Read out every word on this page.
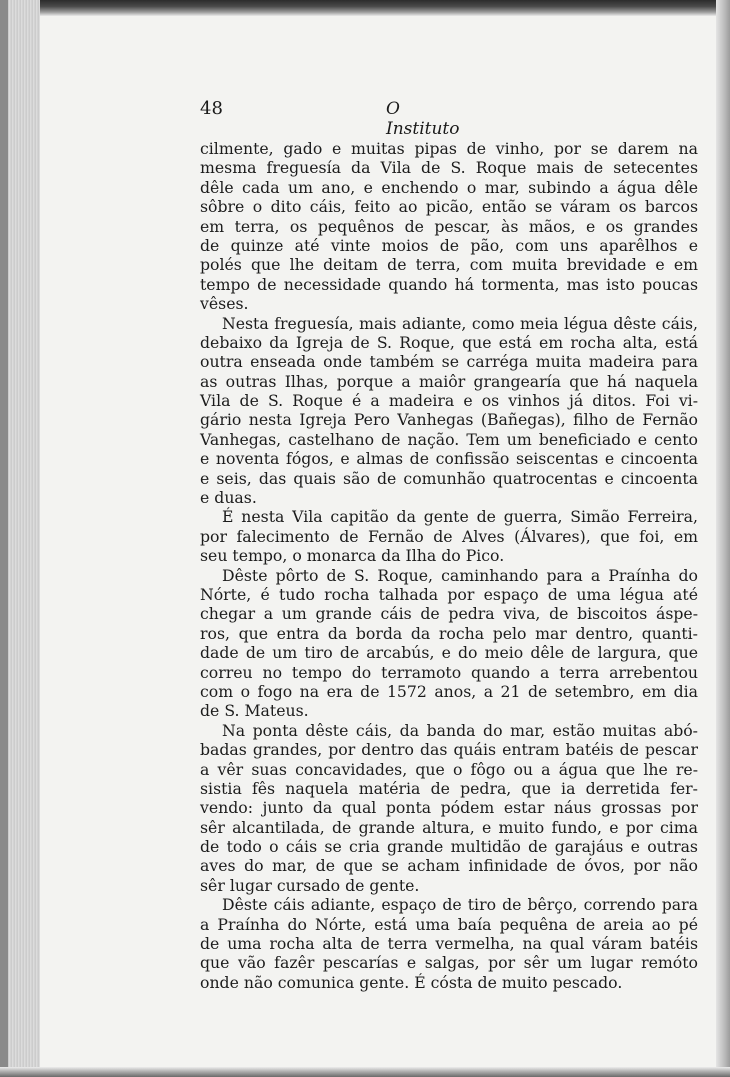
48	O Instituto
cilmente, gado e muitas pipas de vinho, por se darem na
mesma freguesía da Vila de S. Roque mais de setecentes
dêle cada um ano, e enchendo o mar, subindo a água dêle
sôbre o dito cáis, feito ao picão, então se váram os barcos
em terra, os pequênos de pescar, às mãos, e os grandes
de quinze até vinte moios de pão, com uns aparêlhos e
polés que lhe deitam de terra, com muita brevidade e em
tempo de necessidade quando há tormenta, mas isto poucas
vêses.
Nesta freguesía, mais adiante, como meia légua dêste cáis,
debaixo da Igreja de S. Roque, que está em rocha alta, está
outra enseada onde também se carréga muita madeira para
as outras Ilhas, porque a maiôr grangearía que há naquela
Vila de S. Roque é a madeira e os vinhos já ditos. Foi vi-
gário nesta Igreja Pero Vanhegas (Bañegas), filho de Fernão
Vanhegas, castelhano de nação. Tem um beneficiado e cento
e noventa fógos, e almas de confissão seiscentas e cincoenta
e seis, das quais são de comunhão quatrocentas e cincoenta
e duas.
É nesta Vila capitão da gente de guerra, Simão Ferreira,
por falecimento de Fernão de Alves (Álvares), que foi, em
seu tempo, o monarca da Ilha do Pico.
Dêste pôrto de S. Roque, caminhando para a Praínha do
Nórte, é tudo rocha talhada por espaço de uma légua até
chegar a um grande cáis de pedra viva, de biscoitos áspe-
ros, que entra da borda da rocha pelo mar dentro, quanti-
dade de um tiro de arcabús, e do meio dêle de largura, que
correu no tempo do terramoto quando a terra arrebentou
com o fogo na era de 1572 anos, a 21 de setembro, em dia
de S. Mateus.
Na ponta dêste cáis, da banda do mar, estão muitas abó-
badas grandes, por dentro das quáis entram batéis de pescar
a vêr suas concavidades, que o fôgo ou a água que lhe re-
sistia fês naquela matéria de pedra, que ia derretida fer-
vendo: junto da qual ponta pódem estar náus grossas por
sêr alcantilada, de grande altura, e muito fundo, e por cima
de todo o cáis se cria grande multidão de garajáus e outras
aves do mar, de que se acham infinidade de óvos, por não
sêr lugar cursado de gente.
Dêste cáis adiante, espaço de tiro de bêrço, correndo para
a Praínha do Nórte, está uma baía pequêna de areia ao pé
de uma rocha alta de terra vermelha, na qual váram batéis
que vão fazêr pescarías e salgas, por sêr um lugar remóto
onde não comunica gente. É cósta de muito pescado.
